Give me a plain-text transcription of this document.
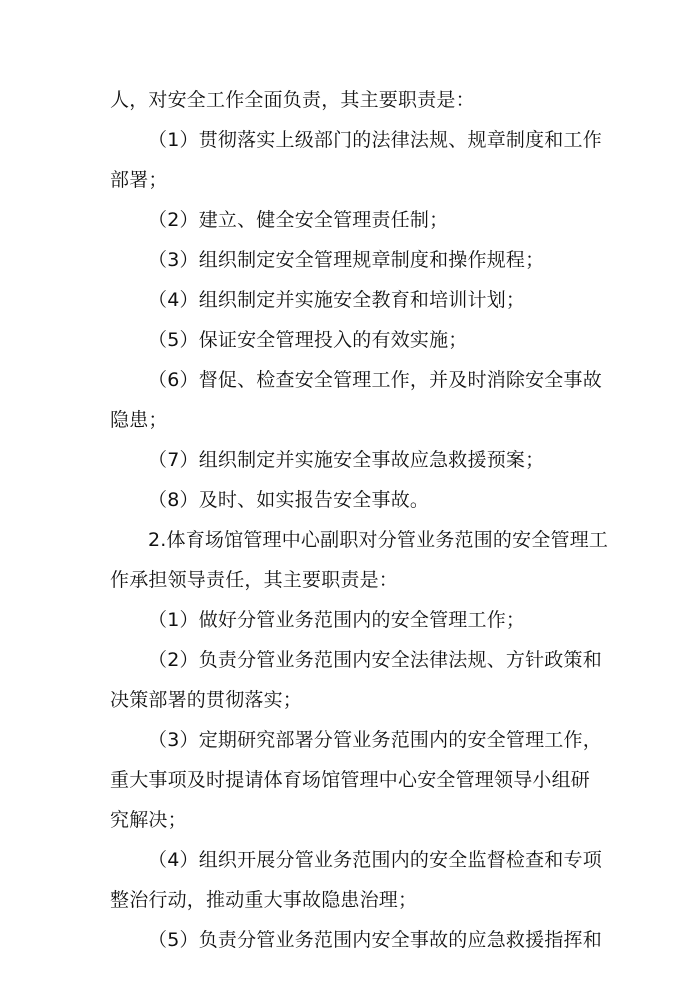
人，对安全工作全面负责，其主要职责是：
（1）贯彻落实上级部门的法律法规、规章制度和工作
部署；
（2）建立、健全安全管理责任制；
（3）组织制定安全管理规章制度和操作规程；
（4）组织制定并实施安全教育和培训计划；
（5）保证安全管理投入的有效实施；
（6）督促、检查安全管理工作，并及时消除安全事故
隐患；
（7）组织制定并实施安全事故应急救援预案；
（8）及时、如实报告安全事故。
2.体育场馆管理中心副职对分管业务范围的安全管理工
作承担领导责任，其主要职责是：
（1）做好分管业务范围内的安全管理工作；
（2）负责分管业务范围内安全法律法规、方针政策和
决策部署的贯彻落实；
（3）定期研究部署分管业务范围内的安全管理工作，
重大事项及时提请体育场馆管理中心安全管理领导小组研
究解决；
（4）组织开展分管业务范围内的安全监督检查和专项
整治行动，推动重大事故隐患治理；
（5）负责分管业务范围内安全事故的应急救援指挥和
